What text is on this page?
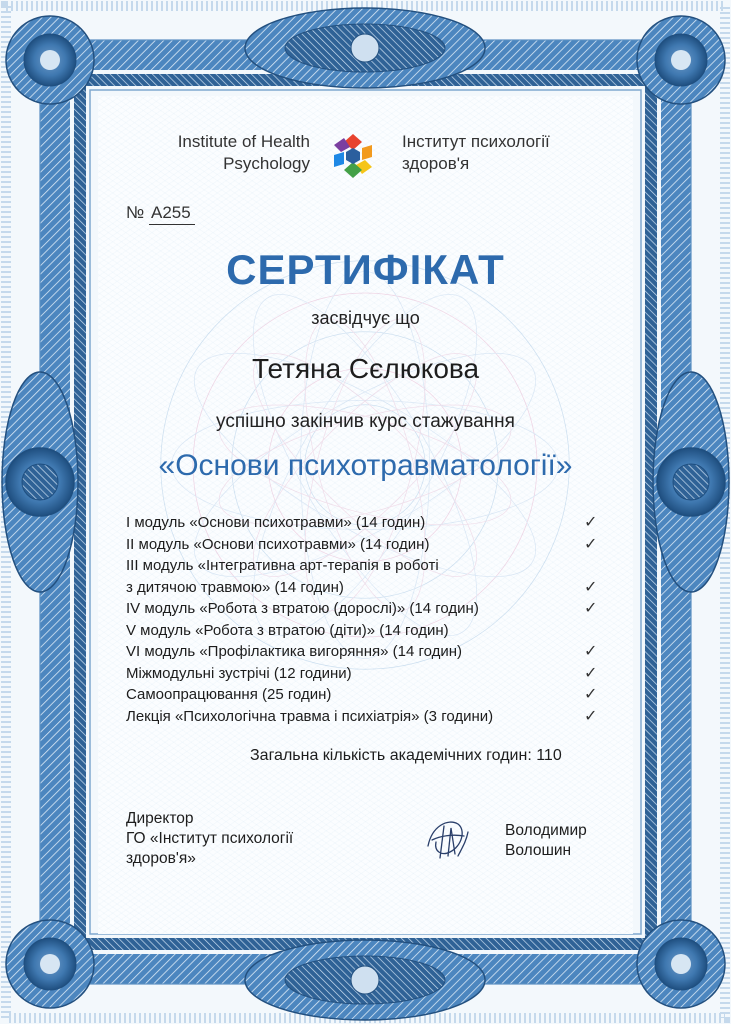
Institute of Health
Psychology
Інститут психології
здоров'я
№ A255
СЕРТИФІКАТ
засвідчує що
Тетяна Сєлюкова
успішно закінчив курс стажування
«Основи психотравматології»
І модуль «Основи психотравми» (14 годин)	✓
ІІ модуль «Основи психотравми» (14 годин)	✓
ІІІ модуль «Інтегративна арт-терапія в роботі
з дитячою травмою» (14 годин)	✓
IV модуль «Робота з втратою (дорослі)» (14 годин)	✓
V модуль «Робота з втратою (діти)» (14 годин)
VI модуль «Профілактика вигоряння» (14 годин)	✓
Міжмодульні зустрічі (12 години)	✓
Самоопрацювання (25 годин)	✓
Лекція «Психологічна травма і психіатрія» (3 години)	✓
Загальна кількість академічних годин: 110
Директор
ГО «Інститут психології
здоров'я»
Володимир
Волошин
